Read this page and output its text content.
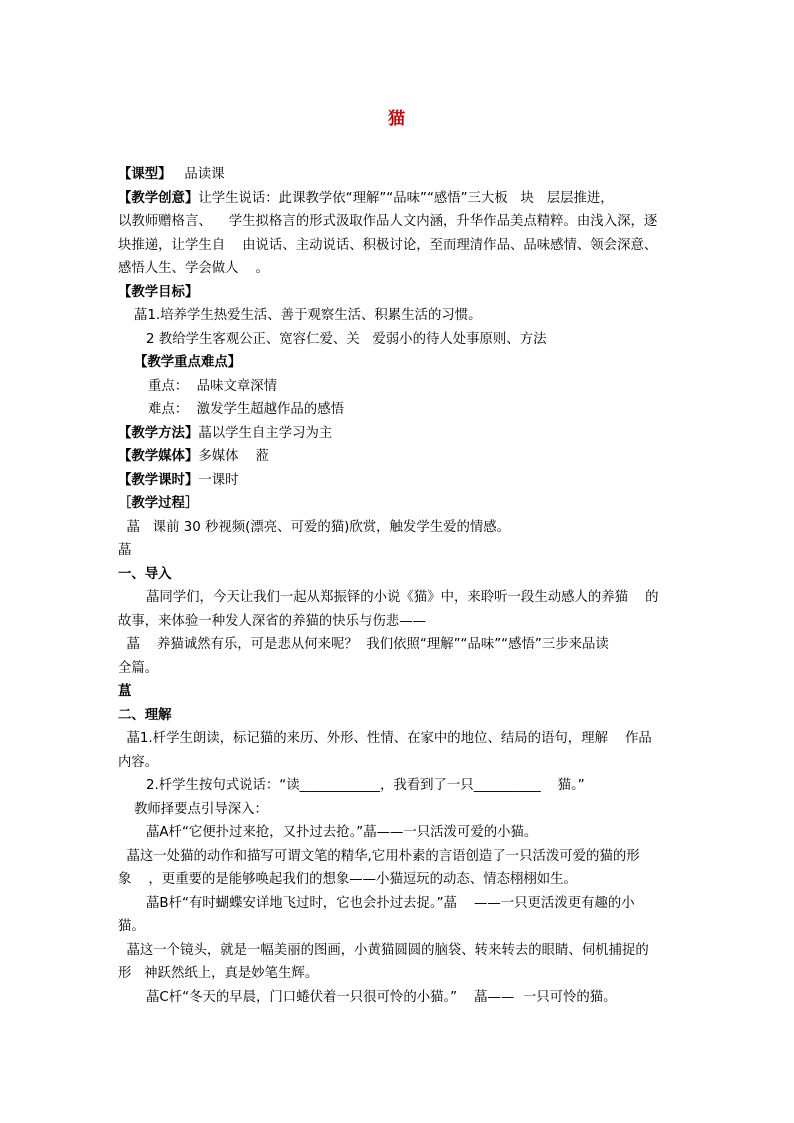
猫
【课型】   品读课
【教学创意】让学生说话：此课教学依“理解”“品味”“感悟”三大板   块   层层推进，
以教师赠格言、    学生拟格言的形式汲取作品人文内涵，升华作品美点精粹。由浅入深，逐
块推递，让学生自    由说话、主动说话、积极讨论，至而理清作品、品味感情、领会深意、
感悟人生、学会做人    。
【教学目标】
蕌1.培养学生热爱生活、善于观察生活、积累生活的习惯。
2 教给学生客观公正、宽容仁爱、关   爱弱小的待人处事原则、方法
【教学重点难点】
重点：  品味文章深情
难点：  激发学生超越作品的感悟
【教学方法】蕌以学生自主学习为主
【教学媒体】多媒体    蒞
【教学课时】一课时
［教学过程］
蕌   课前 30 秒视频(漂亮、可爱的猫)欣赏，触发学生爱的情感。
蕌
一、导入
蕌同学们，今天让我们一起从郑振铎的小说《猫》中，来聆听一段生动感人的养猫    的
故事，来体验一种发人深省的养猫的快乐与伤悲——
蕌    养猫诚然有乐，可是悲从何来呢？  我们依照“理解”“品味”“感悟”三步来品读
全篇。
蒀
二、理解
蕌1.杄学生朗读，标记猫的来历、外形、性情、在家中的地位、结局的语句，理解    作品
内容。
2.杄学生按句式说话：“读____________，我看到了一只__________    猫。”
教师择要点引导深入：
蕌A杄“它便扑过来抢，又扑过去抢。”蕌——一只活泼可爱的小猫。
蕌这一处猫的动作和描写可谓文笔的精华,它用朴素的言语创造了一只活泼可爱的猫的形
象    ，更重要的是能够唤起我们的想象——小猫逗玩的动态、情态栩栩如生。
蕌B杄“有时蝴蝶安详地飞过时，它也会扑过去捉。”蕌    ——一只更活泼更有趣的小
猫。
蕌这一个镜头，就是一幅美丽的图画，小黄猫圆圆的脑袋、转来转去的眼睛、伺机捕捉的
形   神跃然纸上，真是妙笔生辉。
蕌C杄“冬天的早晨，门口蜷伏着一只很可怜的小猫。”    蕌——  一只可怜的猫。
